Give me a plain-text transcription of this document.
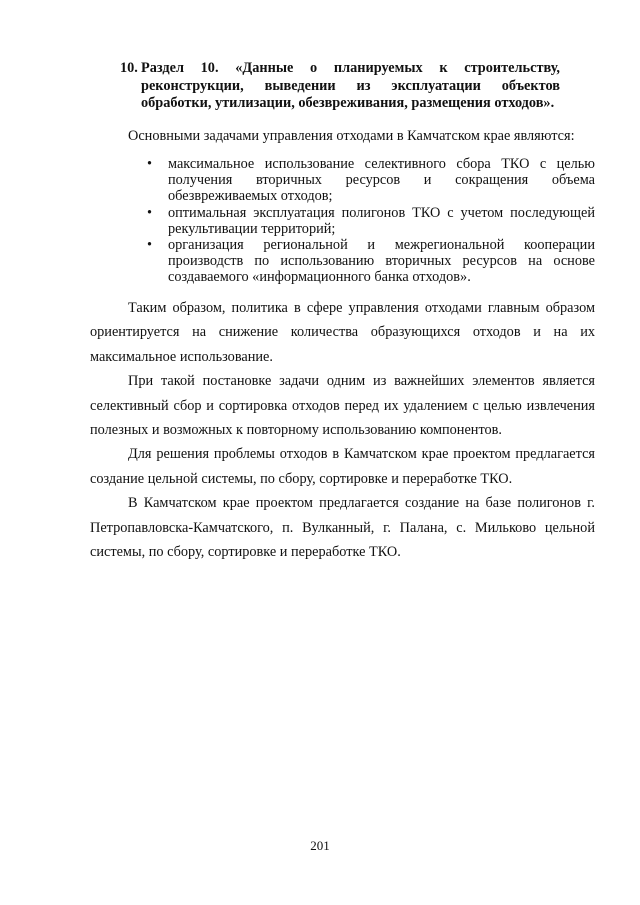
10. Раздел 10. «Данные о планируемых к строительству, реконструкции, выведении из эксплуатации объектов обработки, утилизации, обезвреживания, размещения отходов».
Основными задачами управления отходами в Камчатском крае являются:
• максимальное использование селективного сбора ТКО с целью получения вторичных ресурсов и сокращения объема обезвреживаемых отходов;
• оптимальная эксплуатация полигонов ТКО с учетом последующей рекультивации территорий;
• организация региональной и межрегиональной кооперации производств по использованию вторичных ресурсов на основе создаваемого «информационного банка отходов».

Таким образом, политика в сфере управления отходами главным образом ориентируется на снижение количества образующихся отходов и на их максимальное использование.

При такой постановке задачи одним из важнейших элементов является селективный сбор и сортировка отходов перед их удалением с целью извлечения полезных и возможных к повторному использованию компонентов.

Для решения проблемы отходов в Камчатском крае проектом предлагается создание цельной системы, по сбору, сортировке и переработке ТКО.

В Камчатском крае проектом предлагается создание на базе полигонов г. Петропавловска-Камчатского, п. Вулканный, г. Палана, с. Мильково цельной системы, по сбору, сортировке и переработке ТКО.

201
